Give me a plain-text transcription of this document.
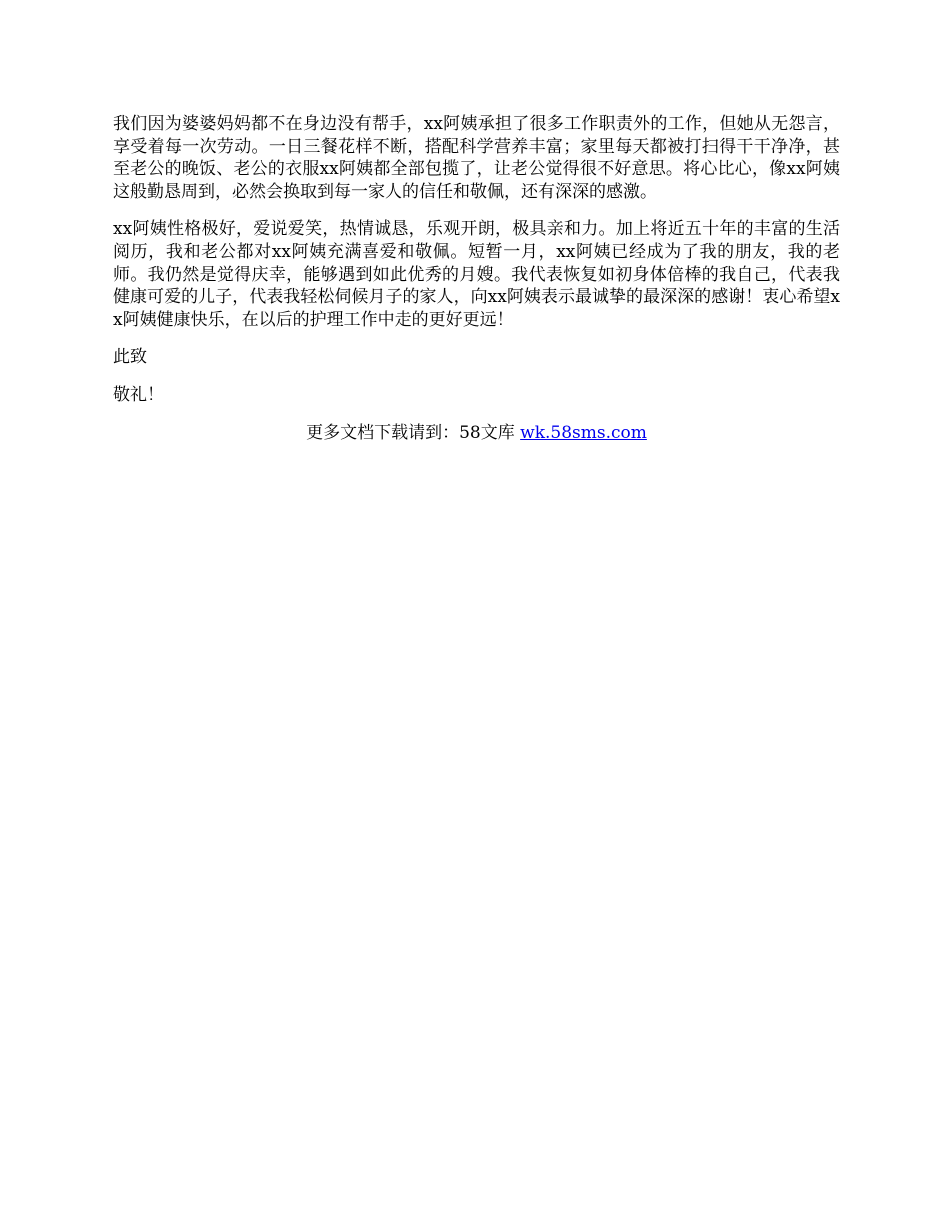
我们因为婆婆妈妈都不在身边没有帮手，xx阿姨承担了很多工作职责外的工作，但她从无怨言，享受着每一次劳动。一日三餐花样不断，搭配科学营养丰富；家里每天都被打扫得干干净净，甚至老公的晚饭、老公的衣服xx阿姨都全部包揽了，让老公觉得很不好意思。将心比心，像xx阿姨这般勤恳周到，必然会换取到每一家人的信任和敬佩，还有深深的感激。

xx阿姨性格极好，爱说爱笑，热情诚恳，乐观开朗，极具亲和力。加上将近五十年的丰富的生活阅历，我和老公都对xx阿姨充满喜爱和敬佩。短暂一月，xx阿姨已经成为了我的朋友，我的老师。我仍然是觉得庆幸，能够遇到如此优秀的月嫂。我代表恢复如初身体倍棒的我自己，代表我健康可爱的儿子，代表我轻松伺候月子的家人，向xx阿姨表示最诚挚的最深深的感谢！衷心希望xx阿姨健康快乐，在以后的护理工作中走的更好更远！

此致

敬礼！

更多文档下载请到：58文库 wk.58sms.com
